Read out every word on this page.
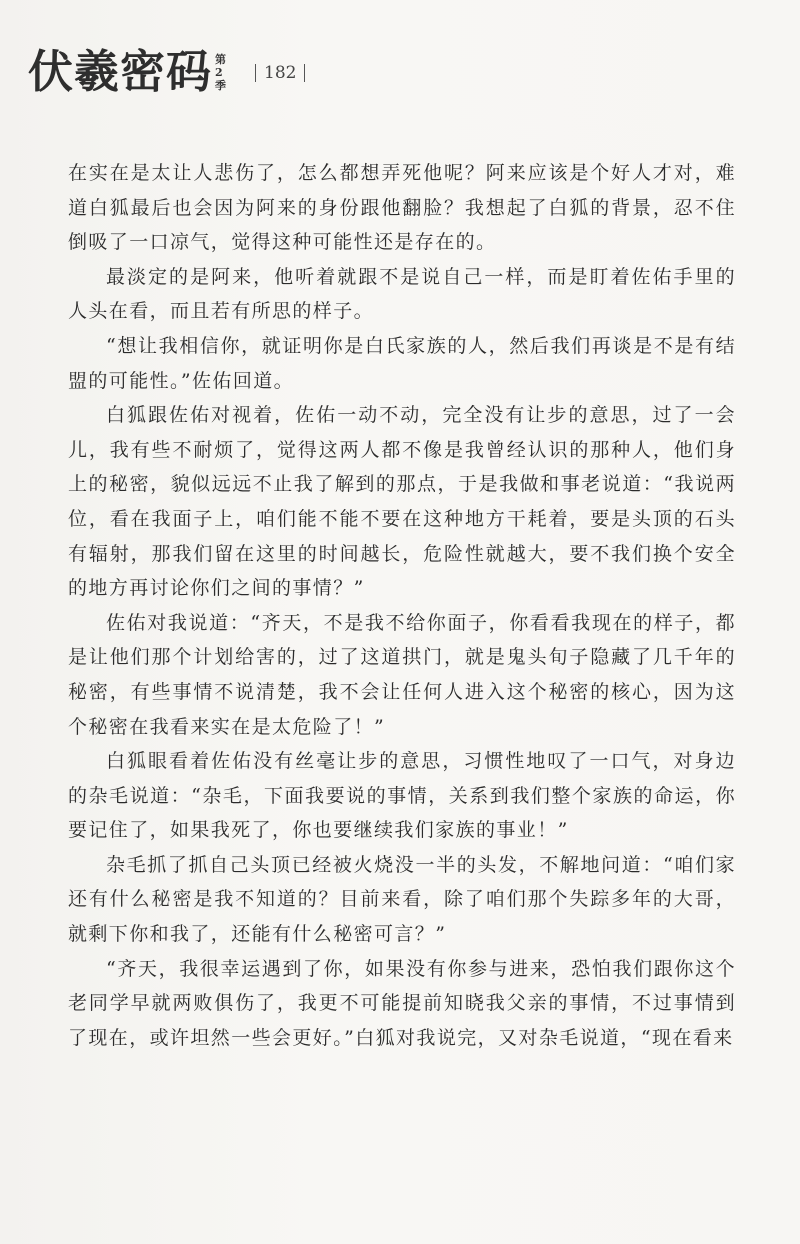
伏羲密码 第2季
182

在实在是太让人悲伤了，怎么都想弄死他呢？阿来应该是个好人才对，难道白狐最后也会因为阿来的身份跟他翻脸？我想起了白狐的背景，忍不住倒吸了一口凉气，觉得这种可能性还是存在的。

最淡定的是阿来，他听着就跟不是说自己一样，而是盯着佐佑手里的人头在看，而且若有所思的样子。

“想让我相信你，就证明你是白氏家族的人，然后我们再谈是不是有结盟的可能性。”佐佑回道。

白狐跟佐佑对视着，佐佑一动不动，完全没有让步的意思，过了一会儿，我有些不耐烦了，觉得这两人都不像是我曾经认识的那种人，他们身上的秘密，貌似远远不止我了解到的那点，于是我做和事老说道：“我说两位，看在我面子上，咱们能不能不要在这种地方干耗着，要是头顶的石头有辐射，那我们留在这里的时间越长，危险性就越大，要不我们换个安全的地方再讨论你们之间的事情？”

佐佑对我说道：“齐天，不是我不给你面子，你看看我现在的样子，都是让他们那个计划给害的，过了这道拱门，就是鬼头旬子隐藏了几千年的秘密，有些事情不说清楚，我不会让任何人进入这个秘密的核心，因为这个秘密在我看来实在是太危险了！”

白狐眼看着佐佑没有丝毫让步的意思，习惯性地叹了一口气，对身边的杂毛说道：“杂毛，下面我要说的事情，关系到我们整个家族的命运，你要记住了，如果我死了，你也要继续我们家族的事业！”

杂毛抓了抓自己头顶已经被火烧没一半的头发，不解地问道：“咱们家还有什么秘密是我不知道的？目前来看，除了咱们那个失踪多年的大哥，就剩下你和我了，还能有什么秘密可言？”

“齐天，我很幸运遇到了你，如果没有你参与进来，恐怕我们跟你这个老同学早就两败俱伤了，我更不可能提前知晓我父亲的事情，不过事情到了现在，或许坦然一些会更好。”白狐对我说完，又对杂毛说道，“现在看来
